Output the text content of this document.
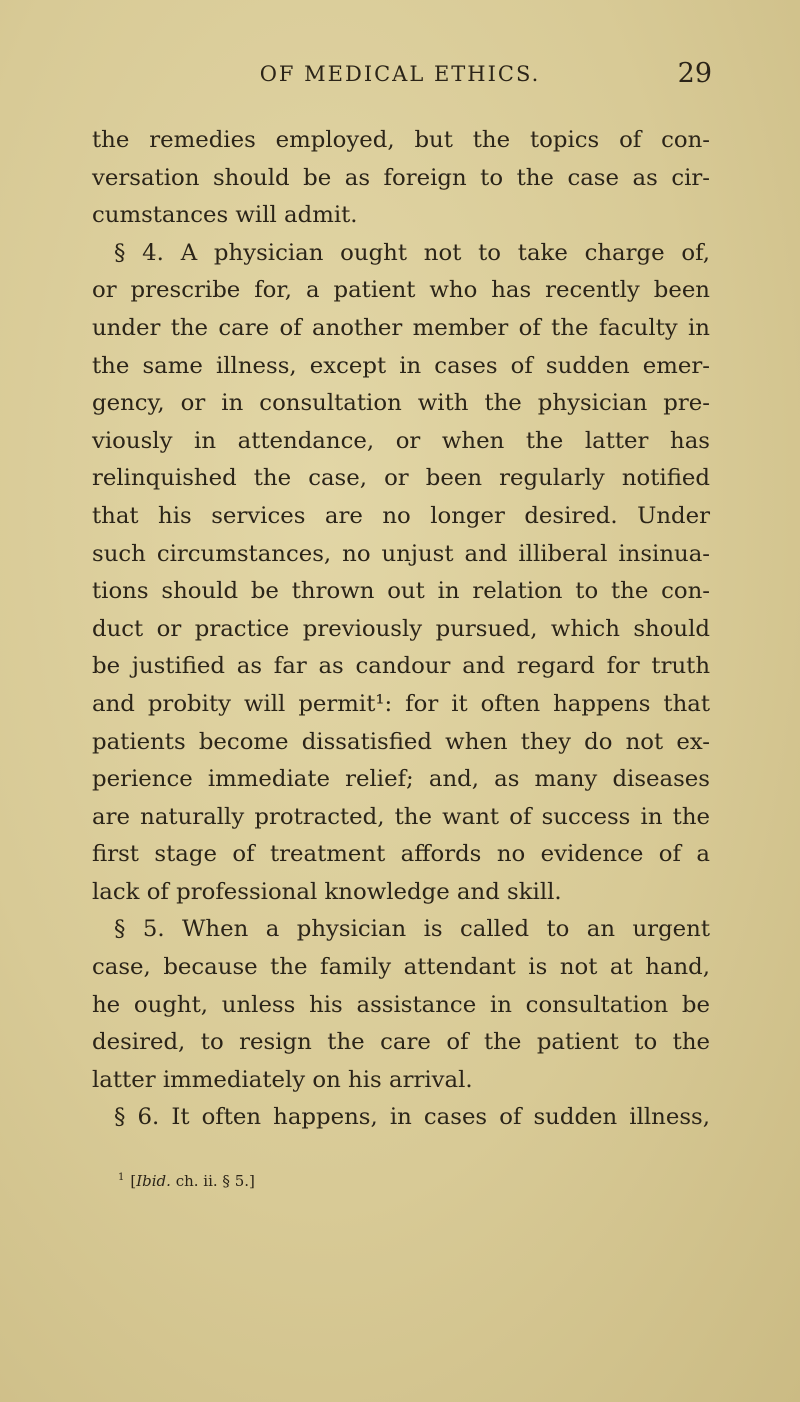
OF MEDICAL ETHICS.	29
the remedies employed, but the topics of con-
versation should be as foreign to the case as cir-
cumstances will admit.
§ 4. A physician ought not to take charge of,
or prescribe for, a patient who has recently been
under the care of another member of the faculty in
the same illness, except in cases of sudden emer-
gency, or in consultation with the physician pre-
viously in attendance, or when the latter has
relinquished the case, or been regularly notified
that his services are no longer desired. Under
such circumstances, no unjust and illiberal insinua-
tions should be thrown out in relation to the con-
duct or practice previously pursued, which should
be justified as far as candour and regard for truth
and probity will permit¹: for it often happens that
patients become dissatisfied when they do not ex-
perience immediate relief; and, as many diseases
are naturally protracted, the want of success in the
first stage of treatment affords no evidence of a
lack of professional knowledge and skill.
§ 5. When a physician is called to an urgent
case, because the family attendant is not at hand,
he ought, unless his assistance in consultation be
desired, to resign the care of the patient to the
latter immediately on his arrival.
§ 6. It often happens, in cases of sudden illness,
$^1$ [Ibid. ch. ii. § 5.]
